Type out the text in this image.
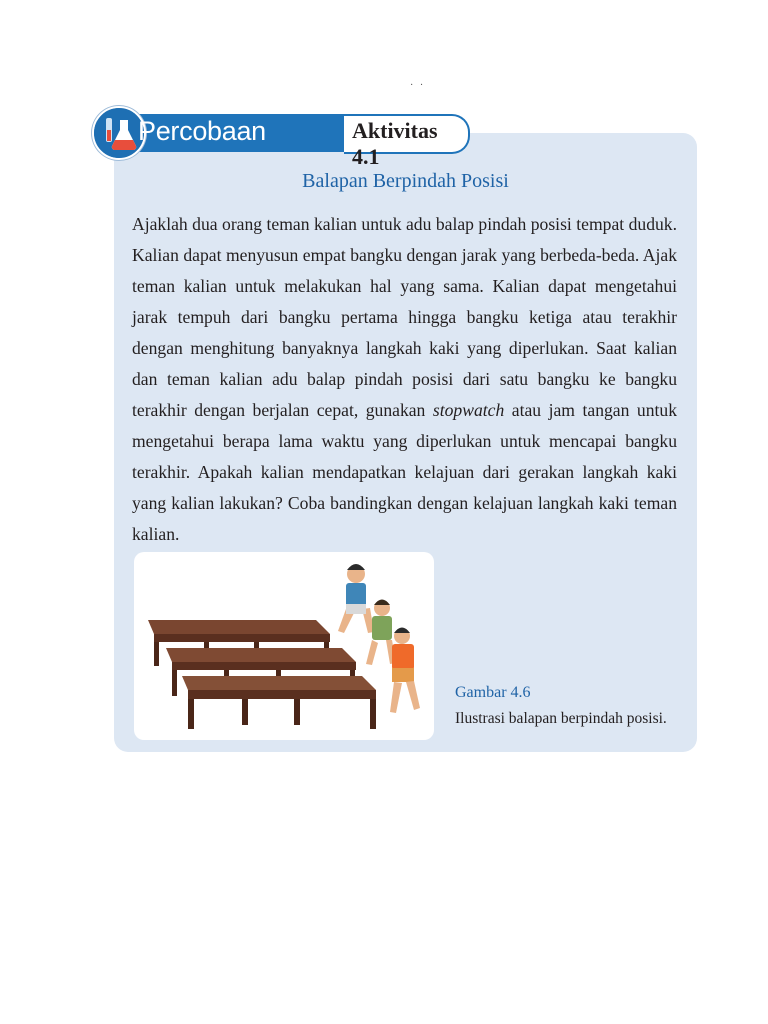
· ·
Percobaan	Aktivitas 4.1
Balapan Berpindah Posisi
Ajaklah dua orang teman kalian untuk adu balap pindah posisi tempat duduk. Kalian dapat menyusun empat bangku dengan jarak yang berbeda-beda. Ajak teman kalian untuk melakukan hal yang sama. Kalian dapat mengetahui jarak tempuh dari bangku pertama hingga bangku ketiga atau terakhir dengan menghitung banyaknya langkah kaki yang diperlukan. Saat kalian dan teman kalian adu balap pindah posisi dari satu bangku ke bangku terakhir dengan berjalan cepat, gunakan stopwatch atau jam tangan untuk mengetahui berapa lama waktu yang diperlukan untuk mencapai bangku terakhir. Apakah kalian mendapatkan kelajuan dari gerakan langkah kaki yang kalian lakukan? Coba bandingkan dengan kelajuan langkah kaki teman kalian.
Gambar 4.6
Ilustrasi balapan berpindah posisi.
